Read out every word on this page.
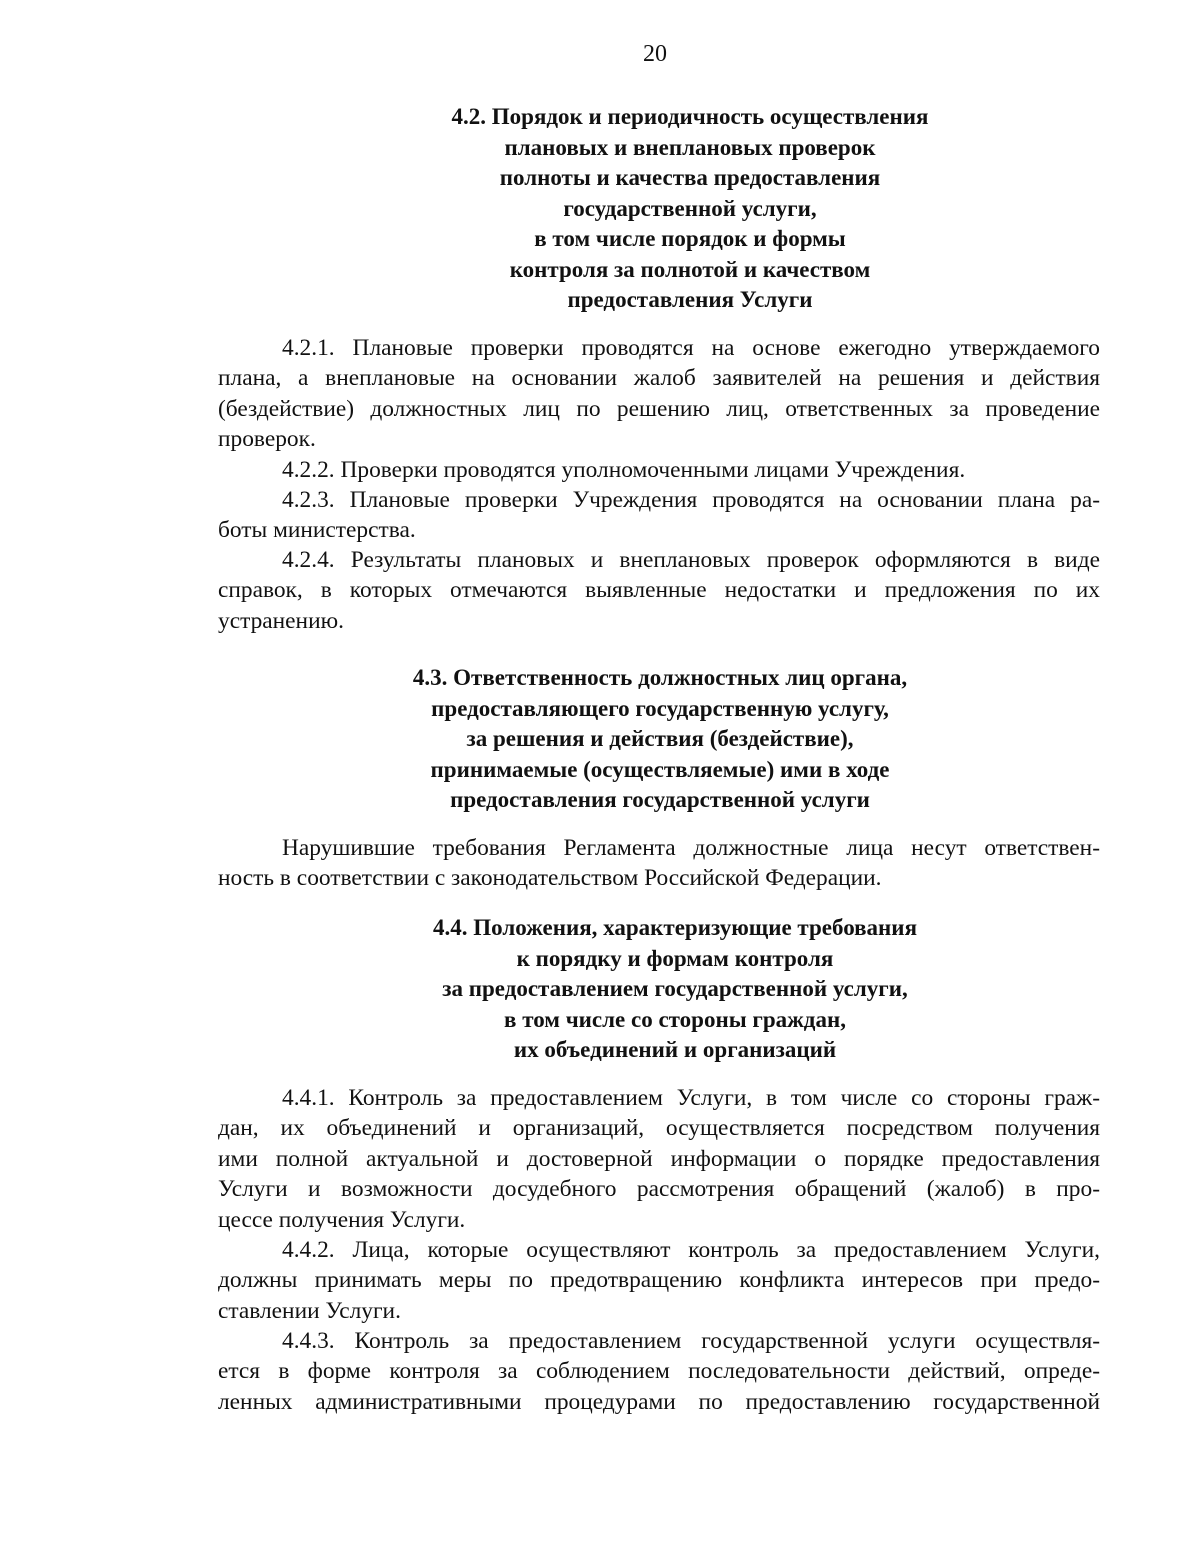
20
4.2. Порядок и периодичность осуществления
плановых и внеплановых проверок
полноты и качества предоставления
государственной услуги,
в том числе порядок и формы
контроля за полнотой и качеством
предоставления Услуги

4.2.1. Плановые проверки проводятся на основе ежегодно утверждаемого
плана, а внеплановые на основании жалоб заявителей на решения и действия
(бездействие) должностных лиц по решению лиц, ответственных за проведение
проверок.

4.2.2. Проверки проводятся уполномоченными лицами Учреждения.

4.2.3. Плановые проверки Учреждения проводятся на основании плана ра-
боты министерства.

4.2.4. Результаты плановых и внеплановых проверок оформляются в виде
справок, в которых отмечаются выявленные недостатки и предложения по их
устранению.

4.3. Ответственность должностных лиц органа,
предоставляющего государственную услугу,
за решения и действия (бездействие),
принимаемые (осуществляемые) ими в ходе
предоставления государственной услуги

Нарушившие требования Регламента должностные лица несут ответствен-
ность в соответствии с законодательством Российской Федерации.

4.4. Положения, характеризующие требования
к порядку и формам контроля
за предоставлением государственной услуги,
в том числе со стороны граждан,
их объединений и организаций

4.4.1. Контроль за предоставлением Услуги, в том числе со стороны граж-
дан, их объединений и организаций, осуществляется посредством получения
ими полной актуальной и достоверной информации о порядке предоставления
Услуги и возможности досудебного рассмотрения обращений (жалоб) в про-
цессе получения Услуги.

4.4.2. Лица, которые осуществляют контроль за предоставлением Услуги,
должны принимать меры по предотвращению конфликта интересов при предо-
ставлении Услуги.

4.4.3. Контроль за предоставлением государственной услуги осуществля-
ется в форме контроля за соблюдением последовательности действий, опреде-
ленных административными процедурами по предоставлению государственной
